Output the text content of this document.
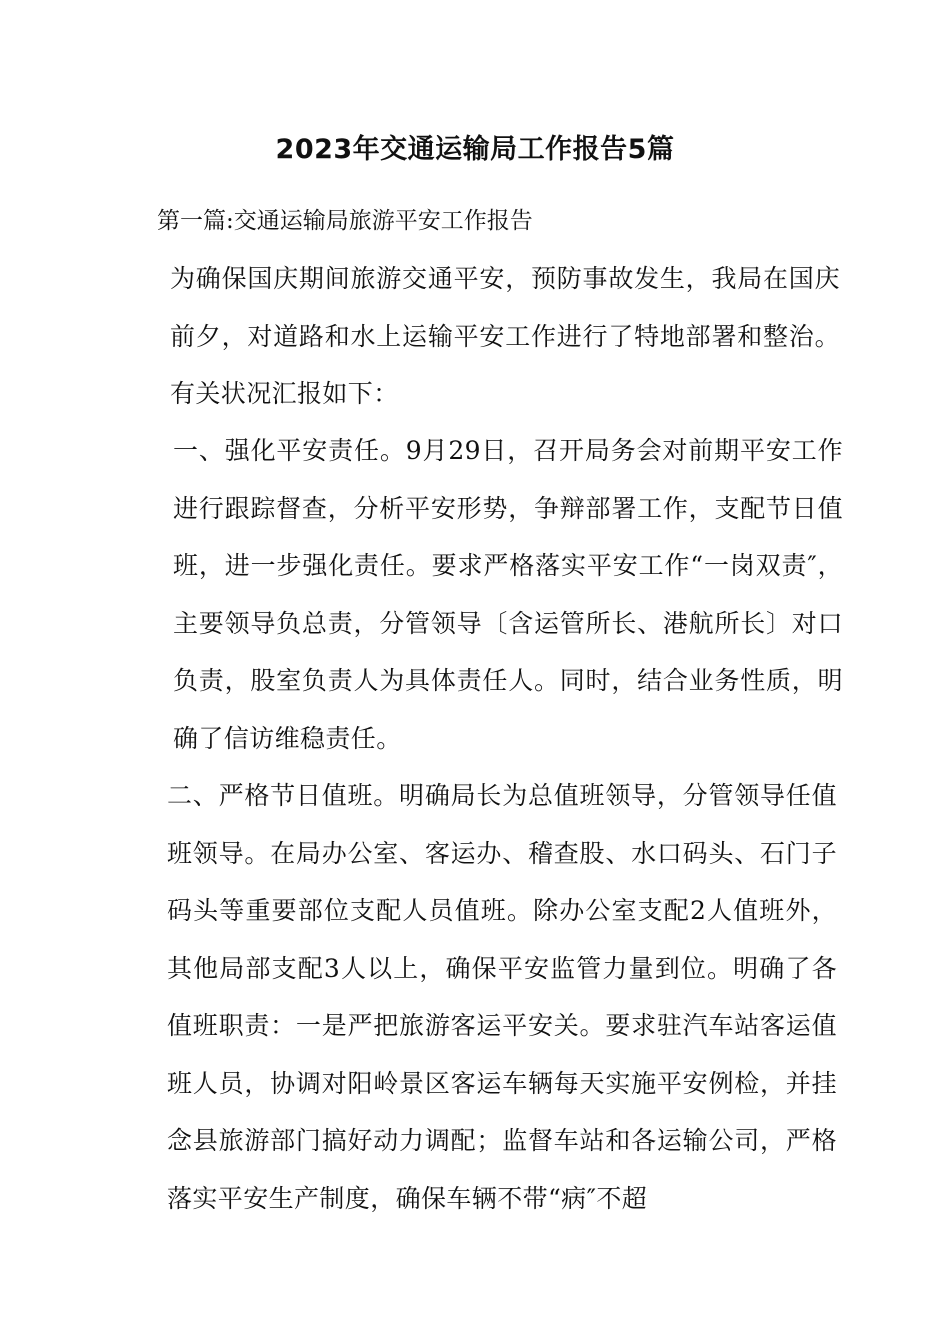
2023年交通运输局工作报告5篇
第一篇:交通运输局旅游平安工作报告

为确保国庆期间旅游交通平安，预防事故发生，我局在国庆前夕，对道路和水上运输平安工作进行了特地部署和整治。有关状况汇报如下：

一、强化平安责任。9月29日，召开局务会对前期平安工作进行跟踪督查，分析平安形势，争辩部署工作，支配节日值班，进一步强化责任。要求严格落实平安工作“一岗双责″，主要领导负总责，分管领导〔含运管所长、港航所长〕对口负责，股室负责人为具体责任人。同时，结合业务性质，明确了信访维稳责任。

二、严格节日值班。明确局长为总值班领导，分管领导任值班领导。在局办公室、客运办、稽查股、水口码头、石门子码头等重要部位支配人员值班。除办公室支配2人值班外，其他局部支配3人以上，确保平安监管力量到位。明确了各值班职责：一是严把旅游客运平安关。要求驻汽车站客运值班人员，协调对阳岭景区客运车辆每天实施平安例检，并挂念县旅游部门搞好动力调配；监督车站和各运输公司，严格落实平安生产制度，确保车辆不带“病″不超
